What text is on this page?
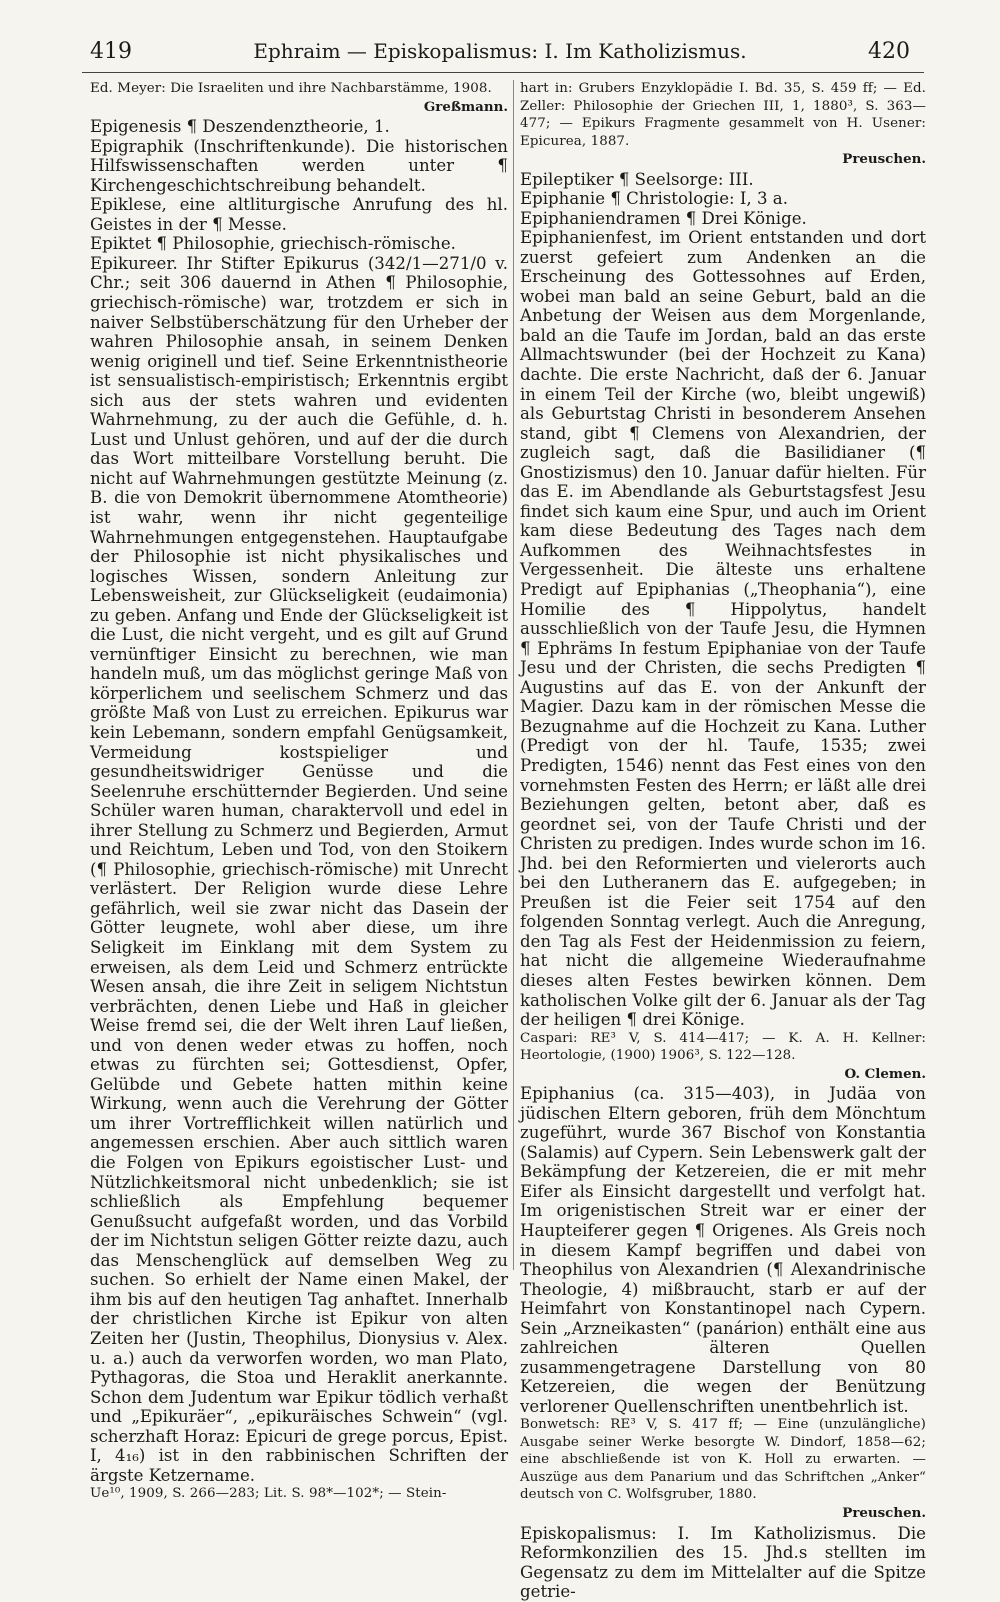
419	Ephraim — Episkopalismus: I. Im Katholizismus.	420

Ed. Meyer: Die Israeliten und ihre Nachbarstämme, 1908.

Greßmann.

Epigenesis ¶ Deszendenztheorie, 1.

Epigraphik (Inschriftenkunde). Die historischen Hilfswissenschaften werden unter ¶ Kirchengeschichtschreibung behandelt.

Epiklese, eine altliturgische Anrufung des hl. Geistes in der ¶ Messe.

Epiktet ¶ Philosophie, griechisch-römische.

Epikureer. Ihr Stifter Epikurus (342/1—271/0 v. Chr.; seit 306 dauernd in Athen ¶ Philosophie, griechisch-römische) war, trotzdem er sich in naiver Selbstüberschätzung für den Urheber der wahren Philosophie ansah, in seinem Denken wenig originell und tief. Seine Erkenntnistheorie ist sensualistisch-empiristisch; Erkenntnis ergibt sich aus der stets wahren und evidenten Wahrnehmung, zu der auch die Gefühle, d. h. Lust und Unlust gehören, und auf der die durch das Wort mitteilbare Vorstellung beruht. Die nicht auf Wahrnehmungen gestützte Meinung (z. B. die von Demokrit übernommene Atomtheorie) ist wahr, wenn ihr nicht gegenteilige Wahrnehmungen entgegenstehen. Hauptaufgabe der Philosophie ist nicht physikalisches und logisches Wissen, sondern Anleitung zur Lebensweisheit, zur Glückseligkeit (eudaimonia) zu geben. Anfang und Ende der Glückseligkeit ist die Lust, die nicht vergeht, und es gilt auf Grund vernünftiger Einsicht zu berechnen, wie man handeln muß, um das möglichst geringe Maß von körperlichem und seelischem Schmerz und das größte Maß von Lust zu erreichen. Epikurus war kein Lebemann, sondern empfahl Genügsamkeit, Vermeidung kostspieliger und gesundheitswidriger Genüsse und die Seelenruhe erschütternder Begierden. Und seine Schüler waren human, charaktervoll und edel in ihrer Stellung zu Schmerz und Begierden, Armut und Reichtum, Leben und Tod, von den Stoikern (¶ Philosophie, griechisch-römische) mit Unrecht verlästert. Der Religion wurde diese Lehre gefährlich, weil sie zwar nicht das Dasein der Götter leugnete, wohl aber diese, um ihre Seligkeit im Einklang mit dem System zu erweisen, als dem Leid und Schmerz entrückte Wesen ansah, die ihre Zeit in seligem Nichtstun verbrächten, denen Liebe und Haß in gleicher Weise fremd sei, die der Welt ihren Lauf ließen, und von denen weder etwas zu hoffen, noch etwas zu fürchten sei; Gottesdienst, Opfer, Gelübde und Gebete hatten mithin keine Wirkung, wenn auch die Verehrung der Götter um ihrer Vortrefflichkeit willen natürlich und angemessen erschien. Aber auch sittlich waren die Folgen von Epikurs egoistischer Lust- und Nützlichkeitsmoral nicht unbedenklich; sie ist schließlich als Empfehlung bequemer Genußsucht aufgefaßt worden, und das Vorbild der im Nichtstun seligen Götter reizte dazu, auch das Menschenglück auf demselben Weg zu suchen. So erhielt der Name einen Makel, der ihm bis auf den heutigen Tag anhaftet. Innerhalb der christlichen Kirche ist Epikur von alten Zeiten her (Justin, Theophilus, Dionysius v. Alex. u. a.) auch da verworfen worden, wo man Plato, Pythagoras, die Stoa und Heraklit anerkannte. Schon dem Judentum war Epikur tödlich verhaßt und „Epikuräer“, „epikuräisches Schwein“ (vgl. scherzhaft Horaz: Epicuri de grege porcus, Epist. I, 4₁₆) ist in den rabbinischen Schriften der ärgste Ketzername.

Ue¹⁰, 1909, S. 266—283; Lit. S. 98*—102*; — Stein-

hart in: Grubers Enzyklopädie I. Bd. 35, S. 459 ff; — Ed. Zeller: Philosophie der Griechen III, 1, 1880³, S. 363—477; — Epikurs Fragmente gesammelt von H. Usener: Epicurea, 1887.

Preuschen.

Epileptiker ¶ Seelsorge: III.

Epiphanie ¶ Christologie: I, 3 a.

Epiphaniendramen ¶ Drei Könige.

Epiphanienfest, im Orient entstanden und dort zuerst gefeiert zum Andenken an die Erscheinung des Gottessohnes auf Erden, wobei man bald an seine Geburt, bald an die Anbetung der Weisen aus dem Morgenlande, bald an die Taufe im Jordan, bald an das erste Allmachtswunder (bei der Hochzeit zu Kana) dachte. Die erste Nachricht, daß der 6. Januar in einem Teil der Kirche (wo, bleibt ungewiß) als Geburtstag Christi in besonderem Ansehen stand, gibt ¶ Clemens von Alexandrien, der zugleich sagt, daß die Basilidianer (¶ Gnostizismus) den 10. Januar dafür hielten. Für das E. im Abendlande als Geburtstagsfest Jesu findet sich kaum eine Spur, und auch im Orient kam diese Bedeutung des Tages nach dem Aufkommen des Weihnachtsfestes in Vergessenheit. Die älteste uns erhaltene Predigt auf Epiphanias („Theophania“), eine Homilie des ¶ Hippolytus, handelt ausschließlich von der Taufe Jesu, die Hymnen ¶ Ephräms In festum Epiphaniae von der Taufe Jesu und der Christen, die sechs Predigten ¶ Augustins auf das E. von der Ankunft der Magier. Dazu kam in der römischen Messe die Bezugnahme auf die Hochzeit zu Kana. Luther (Predigt von der hl. Taufe, 1535; zwei Predigten, 1546) nennt das Fest eines von den vornehmsten Festen des Herrn; er läßt alle drei Beziehungen gelten, betont aber, daß es geordnet sei, von der Taufe Christi und der Christen zu predigen. Indes wurde schon im 16. Jhd. bei den Reformierten und vielerorts auch bei den Lutheranern das E. aufgegeben; in Preußen ist die Feier seit 1754 auf den folgenden Sonntag verlegt. Auch die Anregung, den Tag als Fest der Heidenmission zu feiern, hat nicht die allgemeine Wiederaufnahme dieses alten Festes bewirken können. Dem katholischen Volke gilt der 6. Januar als der Tag der heiligen ¶ drei Könige.

Caspari: RE³ V, S. 414—417; — K. A. H. Kellner: Heortologie, (1900) 1906³, S. 122—128.

O. Clemen.

Epiphanius (ca. 315—403), in Judäa von jüdischen Eltern geboren, früh dem Mönchtum zugeführt, wurde 367 Bischof von Konstantia (Salamis) auf Cypern. Sein Lebenswerk galt der Bekämpfung der Ketzereien, die er mit mehr Eifer als Einsicht dargestellt und verfolgt hat. Im origenistischen Streit war er einer der Haupteiferer gegen ¶ Origenes. Als Greis noch in diesem Kampf begriffen und dabei von Theophilus von Alexandrien (¶ Alexandrinische Theologie, 4) mißbraucht, starb er auf der Heimfahrt von Konstantinopel nach Cypern. Sein „Arzneikasten“ (panárion) enthält eine aus zahlreichen älteren Quellen zusammengetragene Darstellung von 80 Ketzereien, die wegen der Benützung verlorener Quellenschriften unentbehrlich ist.

Bonwetsch: RE³ V, S. 417 ff; — Eine (unzulängliche) Ausgabe seiner Werke besorgte W. Dindorf, 1858—62; eine abschließende ist von K. Holl zu erwarten. — Auszüge aus dem Panarium und das Schriftchen „Anker“ deutsch von C. Wolfsgruber, 1880.

Preuschen.

Episkopalismus: I. Im Katholizismus. Die Reformkonzilien des 15. Jhd.s stellten im Gegensatz zu dem im Mittelalter auf die Spitze getrie-
